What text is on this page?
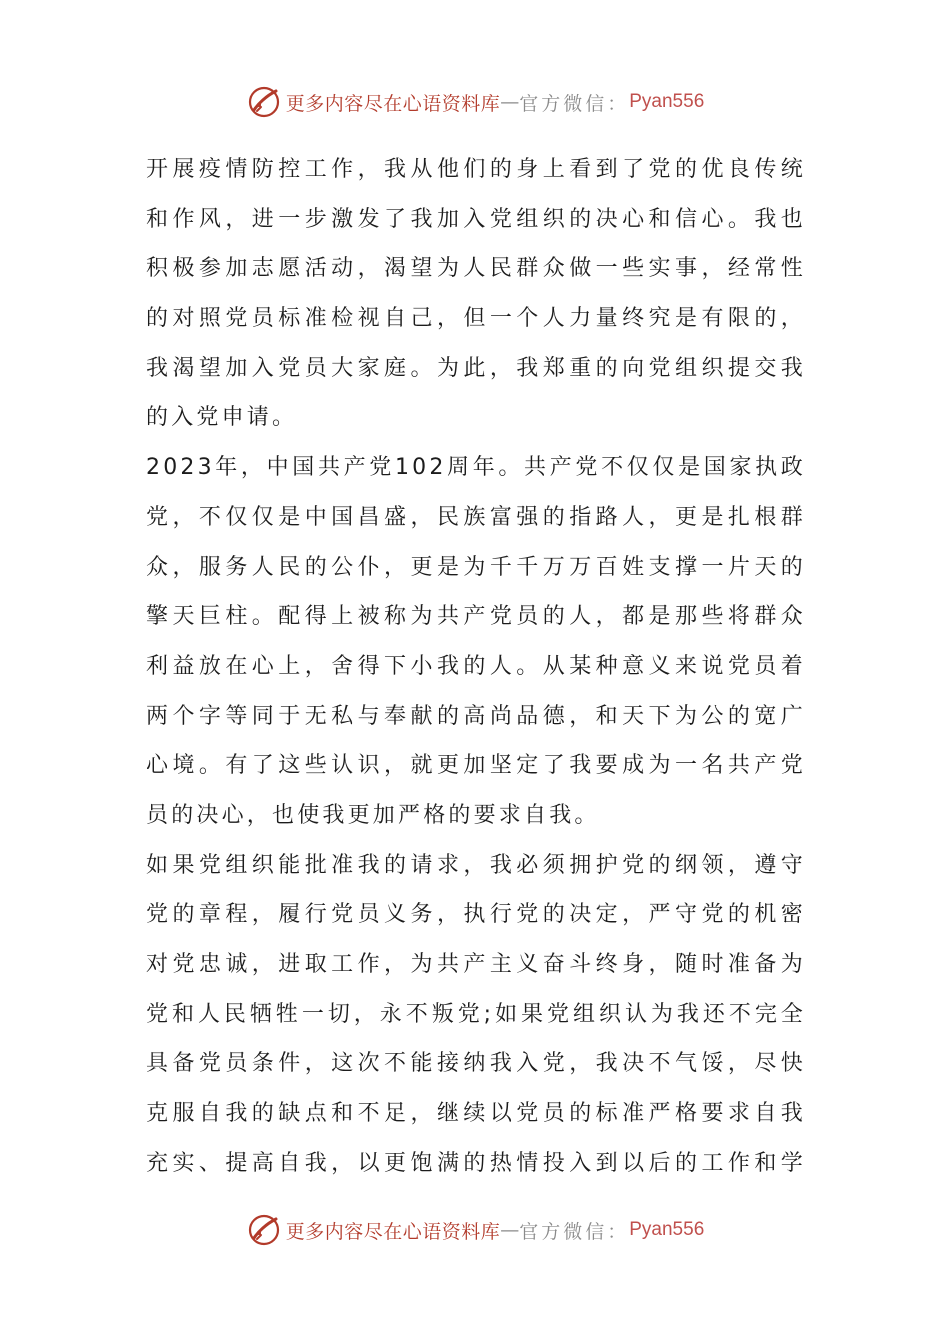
更多内容尽在心语资料库 — 官方微信： Pyan556
开展疫情防控工作，我从他们的身上看到了党的优良传统
和作风，进一步激发了我加入党组织的决心和信心。我也
积极参加志愿活动，渴望为人民群众做一些实事，经常性
的对照党员标准检视自己，但一个人力量终究是有限的，
我渴望加入党员大家庭。为此，我郑重的向党组织提交我
的入党申请。
2023年，中国共产党102周年。共产党不仅仅是国家执政
党，不仅仅是中国昌盛，民族富强的指路人，更是扎根群
众，服务人民的公仆，更是为千千万万百姓支撑一片天的
擎天巨柱。配得上被称为共产党员的人，都是那些将群众
利益放在心上，舍得下小我的人。从某种意义来说党员着
两个字等同于无私与奉献的高尚品德，和天下为公的宽广
心境。有了这些认识，就更加坚定了我要成为一名共产党
员的决心，也使我更加严格的要求自我。
如果党组织能批准我的请求，我必须拥护党的纲领，遵守
党的章程，履行党员义务，执行党的决定，严守党的机密
对党忠诚，进取工作，为共产主义奋斗终身，随时准备为
党和人民牺牲一切，永不叛党;如果党组织认为我还不完全
具备党员条件，这次不能接纳我入党，我决不气馁，尽快
克服自我的缺点和不足，继续以党员的标准严格要求自我
充实、提高自我，以更饱满的热情投入到以后的工作和学
更多内容尽在心语资料库 — 官方微信： Pyan556
